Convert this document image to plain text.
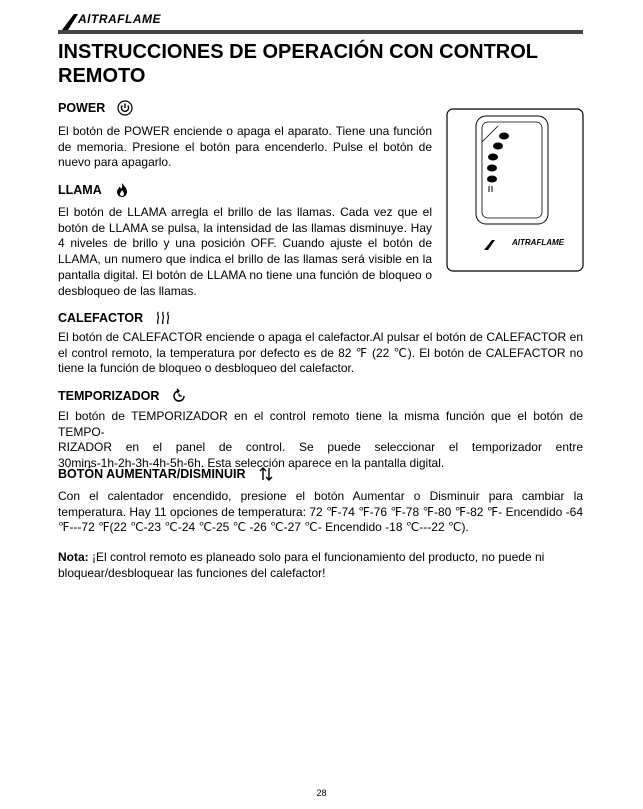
AlTRAFLAME
INSTRUCCIONES DE OPERACIÓN CON CONTROL REMOTO
POWER

El botón de POWER enciende o apaga el aparato. Tiene una función de memoria. Presione el botón para encenderlo. Pulse el botón de nuevo para apagarlo.

LLAMA

El botón de LLAMA arregla el brillo de las llamas. Cada vez que el botón de LLAMA se pulsa, la intensidad de las llamas disminuye. Hay 4 niveles de brillo y una posición OFF. Cuando ajuste el botón de LLAMA, un numero que indica el brillo de las llamas será visible en la pantalla digital. El botón de LLAMA no tiene una función de bloqueo o desbloqueo de las llamas.

AlTRAFLAME
CALEFACTOR

El botón de CALEFACTOR enciende o apaga el calefactor.Al pulsar el botón de CALEFACTOR en el control remoto, la temperatura por defecto es de 82 ℉ (22 ℃). El botón de CALEFACTOR no tiene la función de bloqueo o desbloqueo del calefactor.

TEMPORIZADOR
El botón de TEMPORIZADOR en el control remoto tiene la misma función que el botón de TEMPO-
RIZADOR en el panel de control. Se puede seleccionar el temporizador entre
30mins-1h-2h-3h-4h-5h-6h. Esta selección aparece en la pantalla digital.
BOTÓN AUMENTAR/DISMINUIR

Con el calentador encendido, presione el botón Aumentar o Disminuir para cambiar la temperatura. Hay 11 opciones de temperatura: 72 ℉-74 ℉-76 ℉-78 ℉-80 ℉-82 ℉- Encendido -64 ℉---72 ℉(22 ℃-23 ℃-24 ℃-25 ℃ -26 ℃-27 ℃- Encendido -18 ℃---22 ℃).

Nota: ¡El control remoto es planeado solo para el funcionamiento del producto, no puede ni bloquear/desbloquear las funciones del calefactor!

28
